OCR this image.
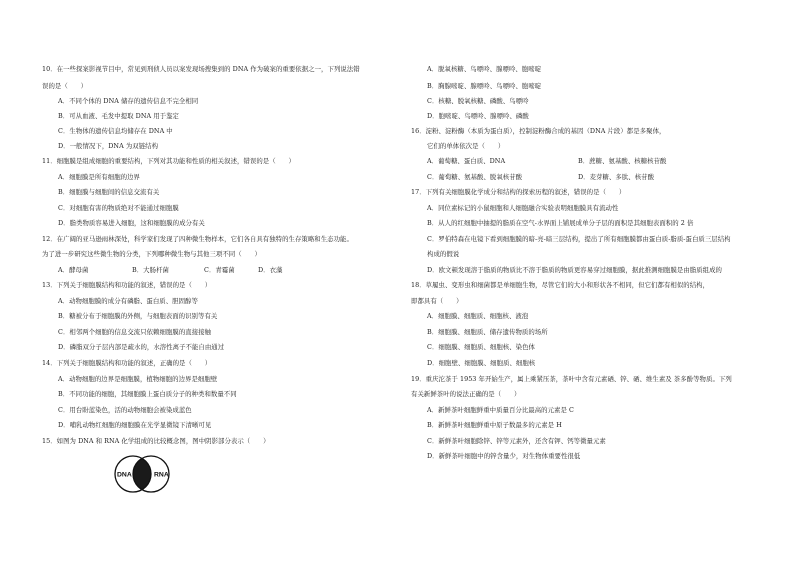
10．在一些探案影视节目中，常见到刑侦人员以案发现场搜集到的 DNA 作为破案的重要依据之一，下列说法错
误的是（　　）
A．不同个体的 DNA 储存的遗传信息不完全相同
B．可从血液、毛发中提取 DNA 用于鉴定
C．生物体的遗传信息均储存在 DNA 中
D．一般情况下，DNA 为双链结构
11．细胞膜是组成细胞的重要结构，下列对其功能和性质的相关叙述，错误的是（　　）
A．细胞膜是所有细胞的边界
B．细胞膜与细胞间的信息交流有关
C．对细胞有害的物质绝对不能通过细胞膜
D．脂类物质容易进入细胞，这和细胞膜的成分有关
12．在广阔的亚马逊雨林深处，科学家们发现了四种微生物样本，它们各自具有独特的生存策略和生态功能。
为了进一步研究这些微生物的分类，下列哪种微生物与其他三项不同（　　）
A．酵母菌	B．大肠杆菌	C．青霉菌	D．衣藻
13．下列关于细胞膜结构和功能的叙述，错误的是（　　）
A．动物细胞膜的成分有磷脂、蛋白质、胆固醇等
B．糖被分布于细胞膜的外侧，与细胞表面的识别等有关
C．相邻两个细胞的信息交流只依赖细胞膜的直接接触
D．磷脂双分子层内部是疏水的，水溶性离子不能自由通过
14．下列关于细胞膜结构和功能的叙述，正确的是（　　）
A．动物细胞的边界是细胞膜，植物细胞的边界是细胞壁
B．不同功能的细胞，其细胞膜上蛋白质分子的种类和数量不同
C．用台盼蓝染色，活的动物细胞会被染成蓝色
D．哺乳动物红细胞的细胞膜在光学显微镜下清晰可见
15．如图为 DNA 和 RNA 化学组成的比较概念图，图中阴影部分表示（　　）
DNA	RNA
A．脱氧核糖、鸟嘌呤、腺嘌呤、胞嘧啶
B．胸腺嘧啶、腺嘌呤、鸟嘌呤、胞嘧啶
C．核糖、脱氧核糖、磷酸、鸟嘌呤
D．胞嘧啶、鸟嘌呤、腺嘌呤、磷酸
16．淀粉、淀粉酶（本质为蛋白质），控制淀粉酶合成的基因（DNA 片段）都是多聚体，
它们的单体依次是（　　）
A．葡萄糖、蛋白质、DNA	B．蔗糖、氨基酸、核糖核苷酸
C．葡萄糖、氨基酸、脱氧核苷酸	D．麦芽糖、多肽、核苷酸
17．下列有关细胞膜化学成分和结构的探索历程的叙述，错误的是（　　）
A．同位素标记的小鼠细胞和人细胞融合实验表明细胞膜具有流动性
B．从人的红细胞中抽提的脂质在空气-水界面上铺展成单分子层的面积是其细胞表面积的 2 倍
C．罗伯特森在电镜下看到细胞膜的暗-亮-暗三层结构，提出了所有细胞膜都由蛋白质-脂质-蛋白质三层结构
构成的假说
D．欧文顿发现溶于脂质的物质比不溶于脂质的物质更容易穿过细胞膜，据此推测细胞膜是由脂质组成的
18．草履虫、变形虫和细菌都是单细胞生物，尽管它们的大小和形状各不相同，但它们都有相似的结构，
即都具有（　　）
A．细胞膜、细胞质、细胞核、液泡
B．细胞膜、细胞质、储存遗传物质的场所
C．细胞膜、细胞质、细胞核、染色体
D．细胞壁、细胞膜、细胞质、细胞核
19．重庆沱茶于 1953 年开始生产，属上乘紧压茶，茶叶中含有元素硒、锌、硒、维生素及 茶多酚等物质。下列
有关新鲜茶叶的说法正确的是（　　）
A．新鲜茶叶细胞鲜重中质量百分比最高的元素是 C
B．新鲜茶叶细胞鲜重中原子数最多的元素是 H
C．新鲜茶叶细胞除锌、锌等元素外，还含有钾、钙等微量元素
D．新鲜茶叶细胞中的锌含量少，对生物体重要性很低
